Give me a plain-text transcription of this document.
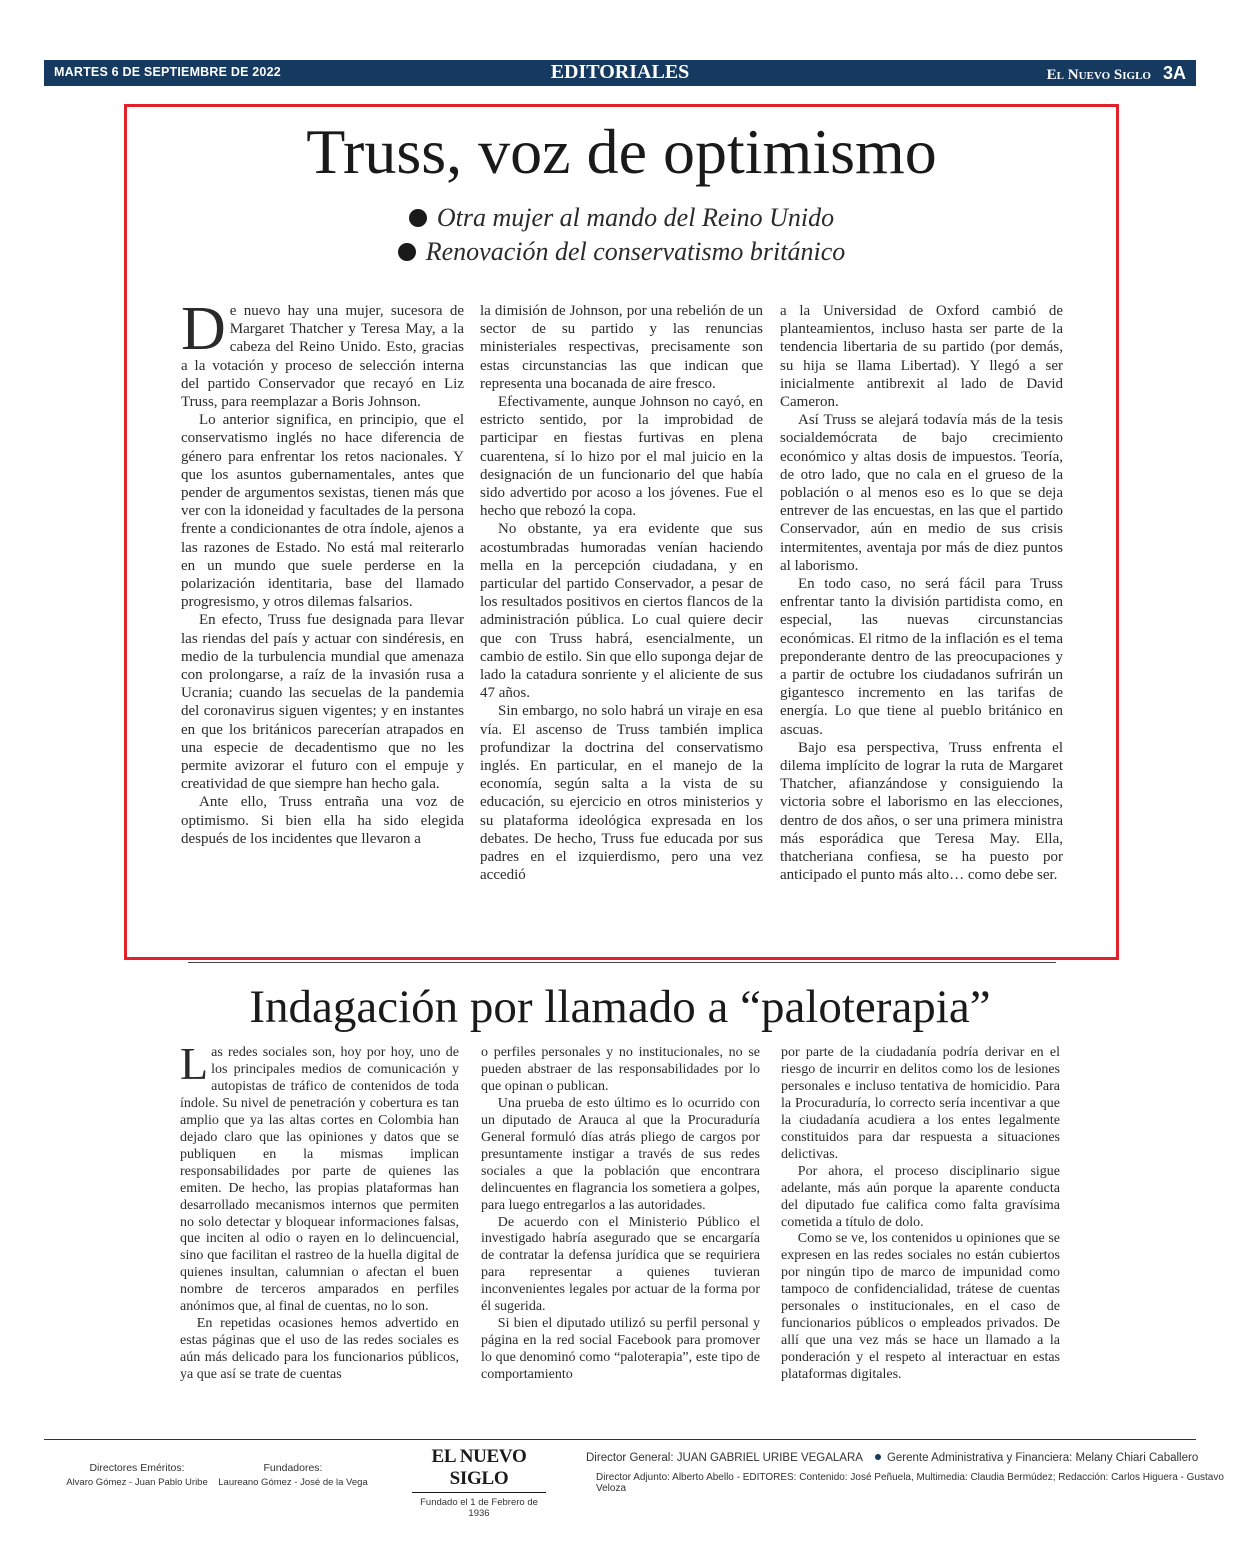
MARTES 6 DE SEPTIEMBRE DE 2022	EDITORIALES	El Nuevo Siglo 3A
Truss, voz de optimismo
Otra mujer al mando del Reino Unido
Renovación del conservatismo británico

De nuevo hay una mujer, sucesora de Margaret Thatcher y Teresa May, a la cabeza del Reino Unido. Esto, gracias a la votación y proceso de selección interna del partido Conservador que recayó en Liz Truss, para reemplazar a Boris Johnson.

Lo anterior significa, en principio, que el conservatismo inglés no hace diferencia de género para enfrentar los retos nacionales. Y que los asuntos gubernamentales, antes que pender de argumentos sexistas, tienen más que ver con la idoneidad y facultades de la persona frente a condicionantes de otra índole, ajenos a las razones de Estado. No está mal reiterarlo en un mundo que suele perderse en la polarización identitaria, base del llamado progresismo, y otros dilemas falsarios.

En efecto, Truss fue designada para llevar las riendas del país y actuar con sindéresis, en medio de la turbulencia mundial que amenaza con prolongarse, a raíz de la invasión rusa a Ucrania; cuando las secuelas de la pandemia del coronavirus siguen vigentes; y en instantes en que los británicos parecerían atrapados en una especie de decadentismo que no les permite avizorar el futuro con el empuje y creatividad de que siempre han hecho gala.

Ante ello, Truss entraña una voz de optimismo. Si bien ella ha sido elegida después de los incidentes que llevaron a

la dimisión de Johnson, por una rebelión de un sector de su partido y las renuncias ministeriales respectivas, precisamente son estas circunstancias las que indican que representa una bocanada de aire fresco.

Efectivamente, aunque Johnson no cayó, en estricto sentido, por la improbidad de participar en fiestas furtivas en plena cuarentena, sí lo hizo por el mal juicio en la designación de un funcionario del que había sido advertido por acoso a los jóvenes. Fue el hecho que rebozó la copa.

No obstante, ya era evidente que sus acostumbradas humoradas venían haciendo mella en la percepción ciudadana, y en particular del partido Conservador, a pesar de los resultados positivos en ciertos flancos de la administración pública. Lo cual quiere decir que con Truss habrá, esencialmente, un cambio de estilo. Sin que ello suponga dejar de lado la catadura sonriente y el aliciente de sus 47 años.

Sin embargo, no solo habrá un viraje en esa vía. El ascenso de Truss también implica profundizar la doctrina del conservatismo inglés. En particular, en el manejo de la economía, según salta a la vista de su educación, su ejercicio en otros ministerios y su plataforma ideológica expresada en los debates. De hecho, Truss fue educada por sus padres en el izquierdismo, pero una vez accedió

a la Universidad de Oxford cambió de planteamientos, incluso hasta ser parte de la tendencia libertaria de su partido (por demás, su hija se llama Libertad). Y llegó a ser inicialmente antibrexit al lado de David Cameron.

Así Truss se alejará todavía más de la tesis socialdemócrata de bajo crecimiento económico y altas dosis de impuestos. Teoría, de otro lado, que no cala en el grueso de la población o al menos eso es lo que se deja entrever de las encuestas, en las que el partido Conservador, aún en medio de sus crisis intermitentes, aventaja por más de diez puntos al laborismo.

En todo caso, no será fácil para Truss enfrentar tanto la división partidista como, en especial, las nuevas circunstancias económicas. El ritmo de la inflación es el tema preponderante dentro de las preocupaciones y a partir de octubre los ciudadanos sufrirán un gigantesco incremento en las tarifas de energía. Lo que tiene al pueblo británico en ascuas.

Bajo esa perspectiva, Truss enfrenta el dilema implícito de lograr la ruta de Margaret Thatcher, afianzándose y consiguiendo la victoria sobre el laborismo en las elecciones, dentro de dos años, o ser una primera ministra más esporádica que Teresa May. Ella, thatcheriana confiesa, se ha puesto por anticipado el punto más alto… como debe ser.

Indagación por llamado a “paloterapia”

Las redes sociales son, hoy por hoy, uno de los principales medios de comunicación y autopistas de tráfico de contenidos de toda índole. Su nivel de penetración y cobertura es tan amplio que ya las altas cortes en Colombia han dejado claro que las opiniones y datos que se publiquen en la mismas implican responsabilidades por parte de quienes las emiten. De hecho, las propias plataformas han desarrollado mecanismos internos que permiten no solo detectar y bloquear informaciones falsas, que inciten al odio o rayen en lo delincuencial, sino que facilitan el rastreo de la huella digital de quienes insultan, calumnian o afectan el buen nombre de terceros amparados en perfiles anónimos que, al final de cuentas, no lo son.

En repetidas ocasiones hemos advertido en estas páginas que el uso de las redes sociales es aún más delicado para los funcionarios públicos, ya que así se trate de cuentas

o perfiles personales y no institucionales, no se pueden abstraer de las responsabilidades por lo que opinan o publican.

Una prueba de esto último es lo ocurrido con un diputado de Arauca al que la Procuraduría General formuló días atrás pliego de cargos por presuntamente instigar a través de sus redes sociales a que la población que encontrara delincuentes en flagrancia los sometiera a golpes, para luego entregarlos a las autoridades.

De acuerdo con el Ministerio Público el investigado habría asegurado que se encargaría de contratar la defensa jurídica que se requiriera para representar a quienes tuvieran inconvenientes legales por actuar de la forma por él sugerida.

Si bien el diputado utilizó su perfil personal y página en la red social Facebook para promover lo que denominó como “paloterapia”, este tipo de comportamiento

por parte de la ciudadanía podría derivar en el riesgo de incurrir en delitos como los de lesiones personales e incluso tentativa de homicidio. Para la Procuraduría, lo correcto sería incentivar a que la ciudadanía acudiera a los entes legalmente constituidos para dar respuesta a situaciones delictivas.

Por ahora, el proceso disciplinario sigue adelante, más aún porque la aparente conducta del diputado fue califica como falta gravísima cometida a título de dolo.

Como se ve, los contenidos u opiniones que se expresen en las redes sociales no están cubiertos por ningún tipo de marco de impunidad como tampoco de confidencialidad, trátese de cuentas personales o institucionales, en el caso de funcionarios públicos o empleados privados. De allí que una vez más se hace un llamado a la ponderación y el respeto al interactuar en estas plataformas digitales.

Directores Eméritos:
Alvaro Gómez - Juan Pablo Uribe
Fundadores:
Laureano Gómez - José de la Vega
EL NUEVO SIGLO
Fundado el 1 de Febrero de 1936
Director General: JUAN GABRIEL URIBE VEGALARA Gerente Administrativa y Financiera: Melany Chiari Caballero
Director Adjunto: Alberto Abello - EDITORES: Contenido: José Peñuela, Multimedia: Claudia Bermúdez; Redacción: Carlos Higuera - Gustavo Veloza
